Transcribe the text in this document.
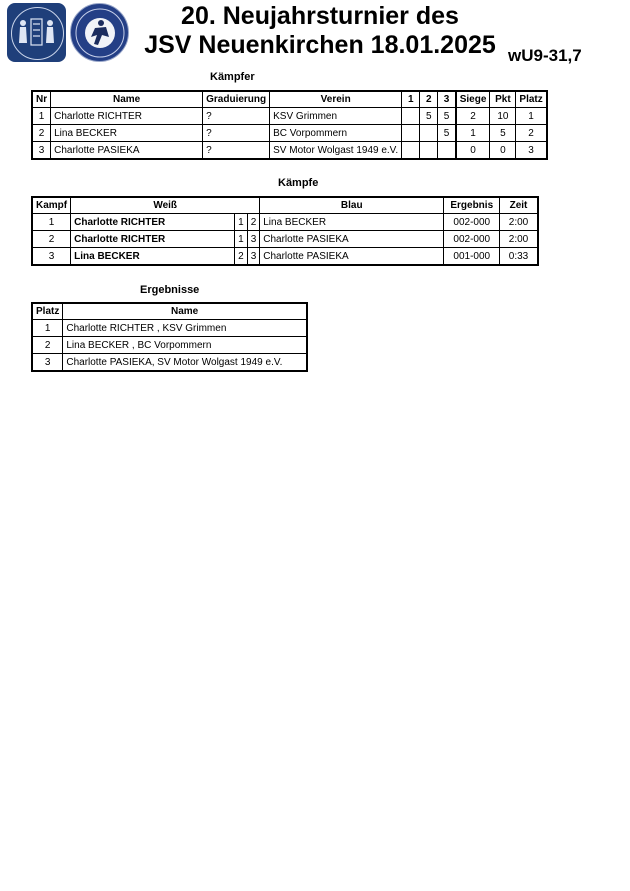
20. Neujahrsturnier des
JSV Neuenkirchen 18.01.2025 wU9-31,7
Kämpfer
Nr	Name	Graduierung	Verein	1	2	3	Siege	Pkt	Platz
1	Charlotte RICHTER	?	KSV Grimmen		5	5	2	10	1
2	Lina BECKER	?	BC Vorpommern			5	1	5	2
3	Charlotte PASIEKA	?	SV Motor Wolgast 1949 e.V.				0	0	3
Kämpfe
Kampf	Weiß			Blau	Ergebnis	Zeit
1	Charlotte RICHTER	1	2	Lina BECKER	002-000	2:00
2	Charlotte RICHTER	1	3	Charlotte PASIEKA	002-000	2:00
3	Lina BECKER	2	3	Charlotte PASIEKA	001-000	0:33
Ergebnisse
Platz	Name
1	Charlotte RICHTER , KSV Grimmen
2	Lina BECKER , BC Vorpommern
3	Charlotte PASIEKA, SV Motor Wolgast 1949 e.V.
